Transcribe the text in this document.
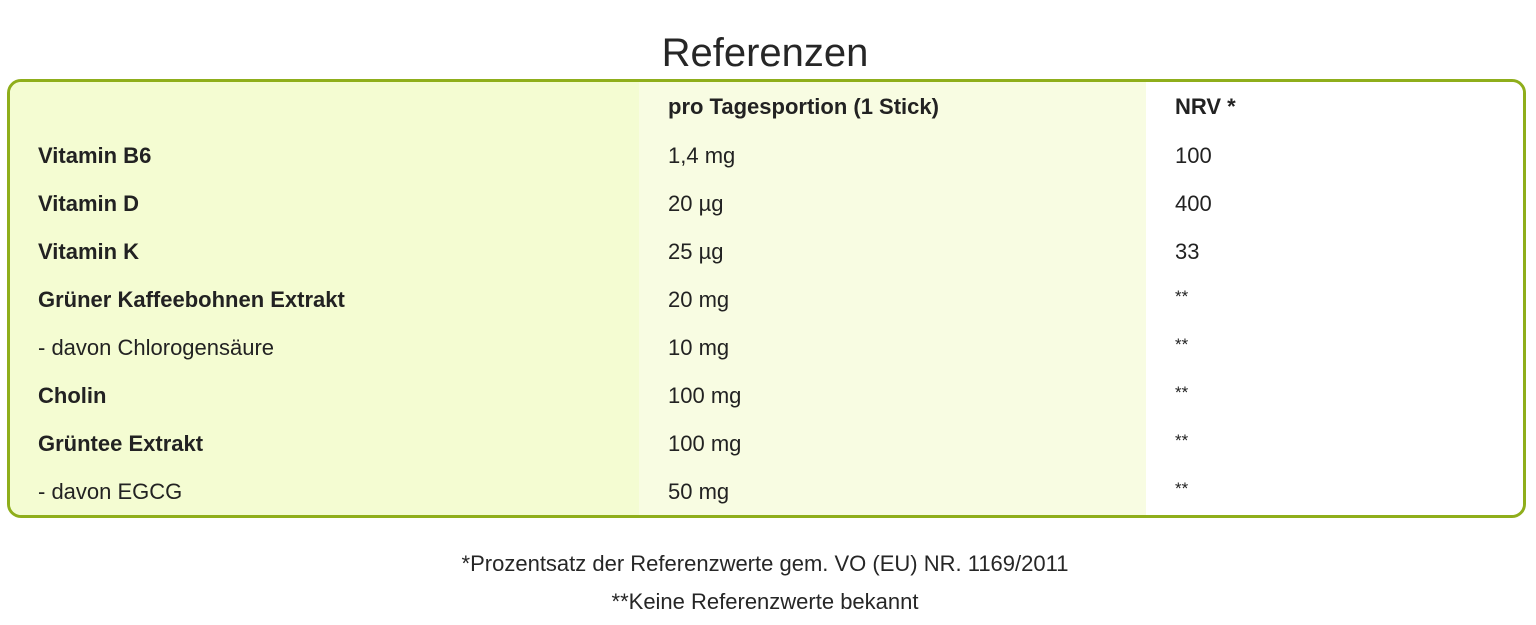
Referenzen
	pro Tagesportion (1 Stick)	NRV *
Vitamin B6	1,4 mg	100
Vitamin D	20 µg	400
Vitamin K	25 µg	33
Grüner Kaffeebohnen Extrakt	20 mg	**
- davon Chlorogensäure	10 mg	**
Cholin	100 mg	**
Grüntee Extrakt	100 mg	**
- davon EGCG	50 mg	**
*Prozentsatz der Referenzwerte gem. VO (EU) NR. 1169/2011
**Keine Referenzwerte bekannt
